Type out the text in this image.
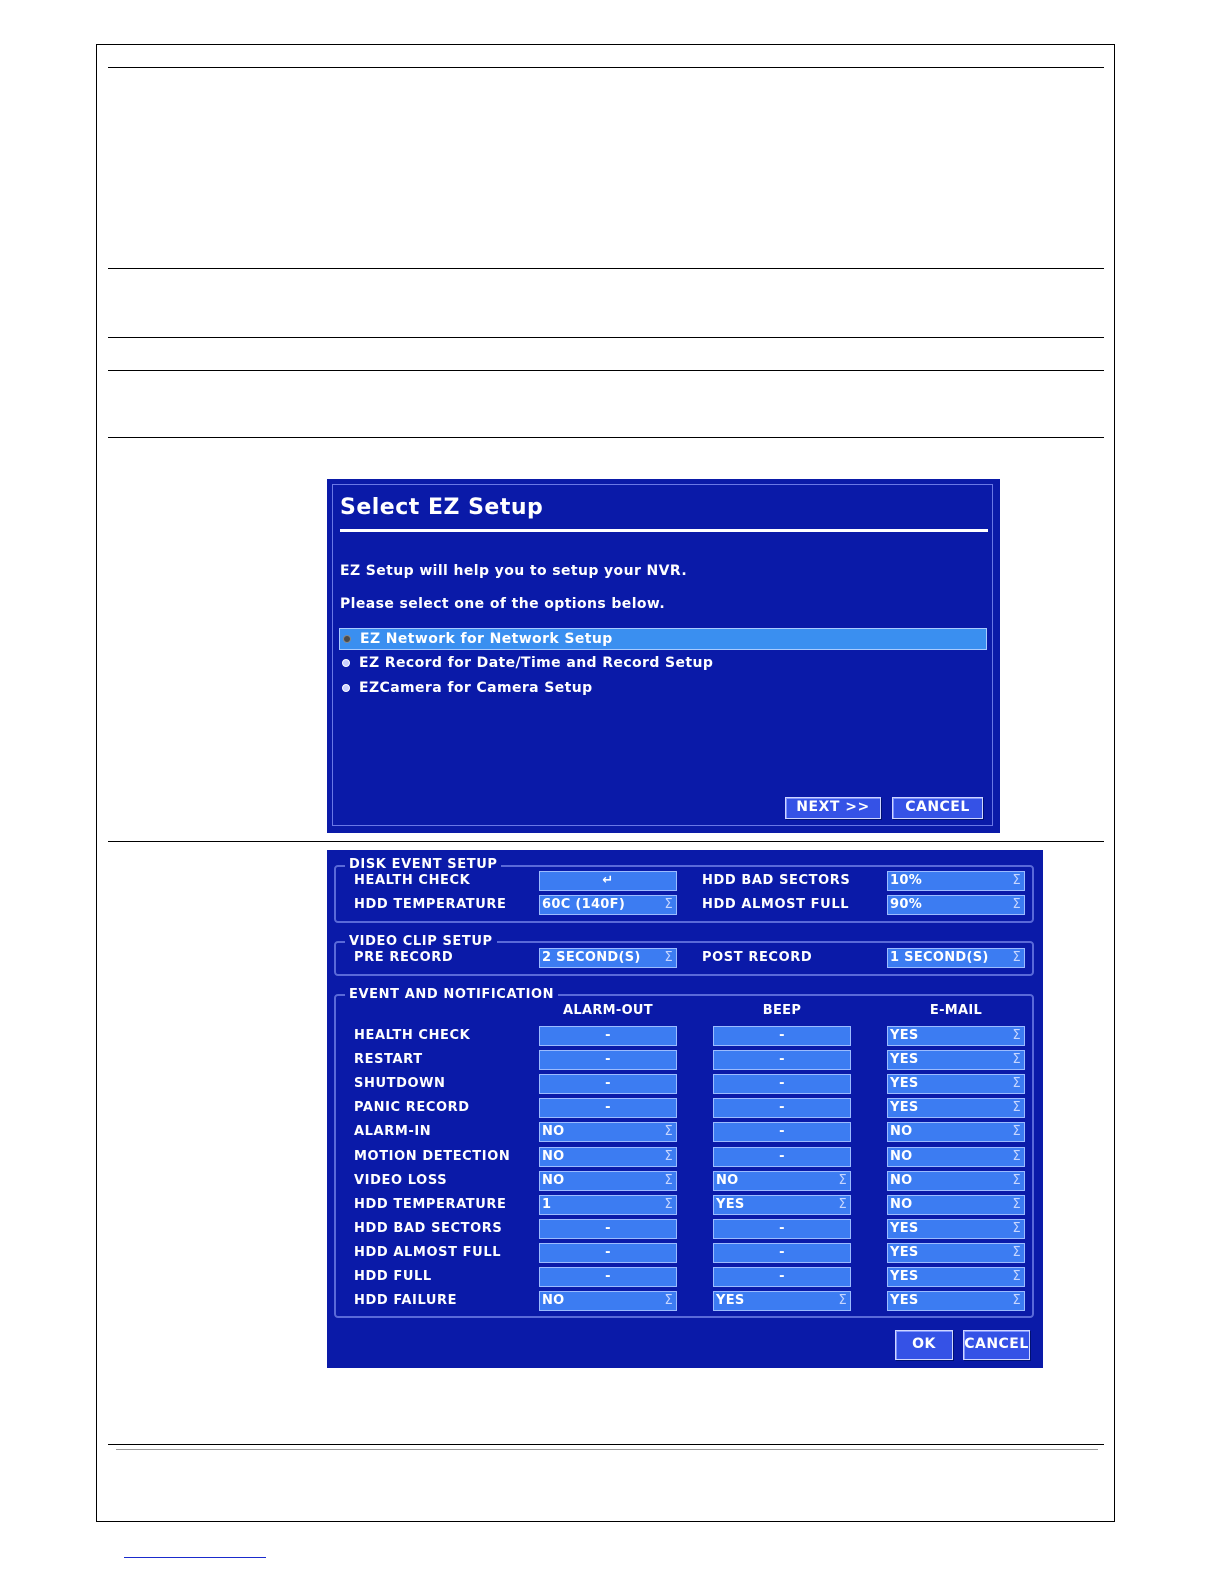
Select EZ Setup
EZ Setup will help you to setup your NVR.
Please select one of the options below.
EZ Network for Network Setup
EZ Record for Date/Time and Record Setup
EZCamera for Camera Setup
NEXT >>	CANCEL
DISK EVENT SETUP
HEALTH CHECK	↵	HDD BAD SECTORS	10%	Σ
HDD TEMPERATURE	60C (140F)	Σ HDD ALMOST FULL	90%	Σ
VIDEO CLIP SETUP
PRE RECORD	2 SECOND(S) Σ POST RECORD	1 SECOND(S) Σ
EVENT AND NOTIFICATION
ALARM-OUT	BEEP	E-MAIL
HEALTH CHECK	-	-	YES	Σ
RESTART	-	-	YES	Σ
SHUTDOWN	-	-	YES	Σ
PANIC RECORD	-	-	YES	Σ
ALARM-IN	NO	Σ	-	NO	Σ
MOTION DETECTION NO	Σ	-	NO	Σ
VIDEO LOSS	NO	Σ	NO	Σ	NO	Σ
HDD TEMPERATURE	1	Σ	YES	Σ	NO	Σ
HDD BAD SECTORS	-	-	YES	Σ
HDD ALMOST FULL	-	-	YES	Σ
HDD FULL	-	-	YES	Σ
HDD FAILURE	NO	Σ	YES	Σ	YES	Σ
OK	CANCEL
